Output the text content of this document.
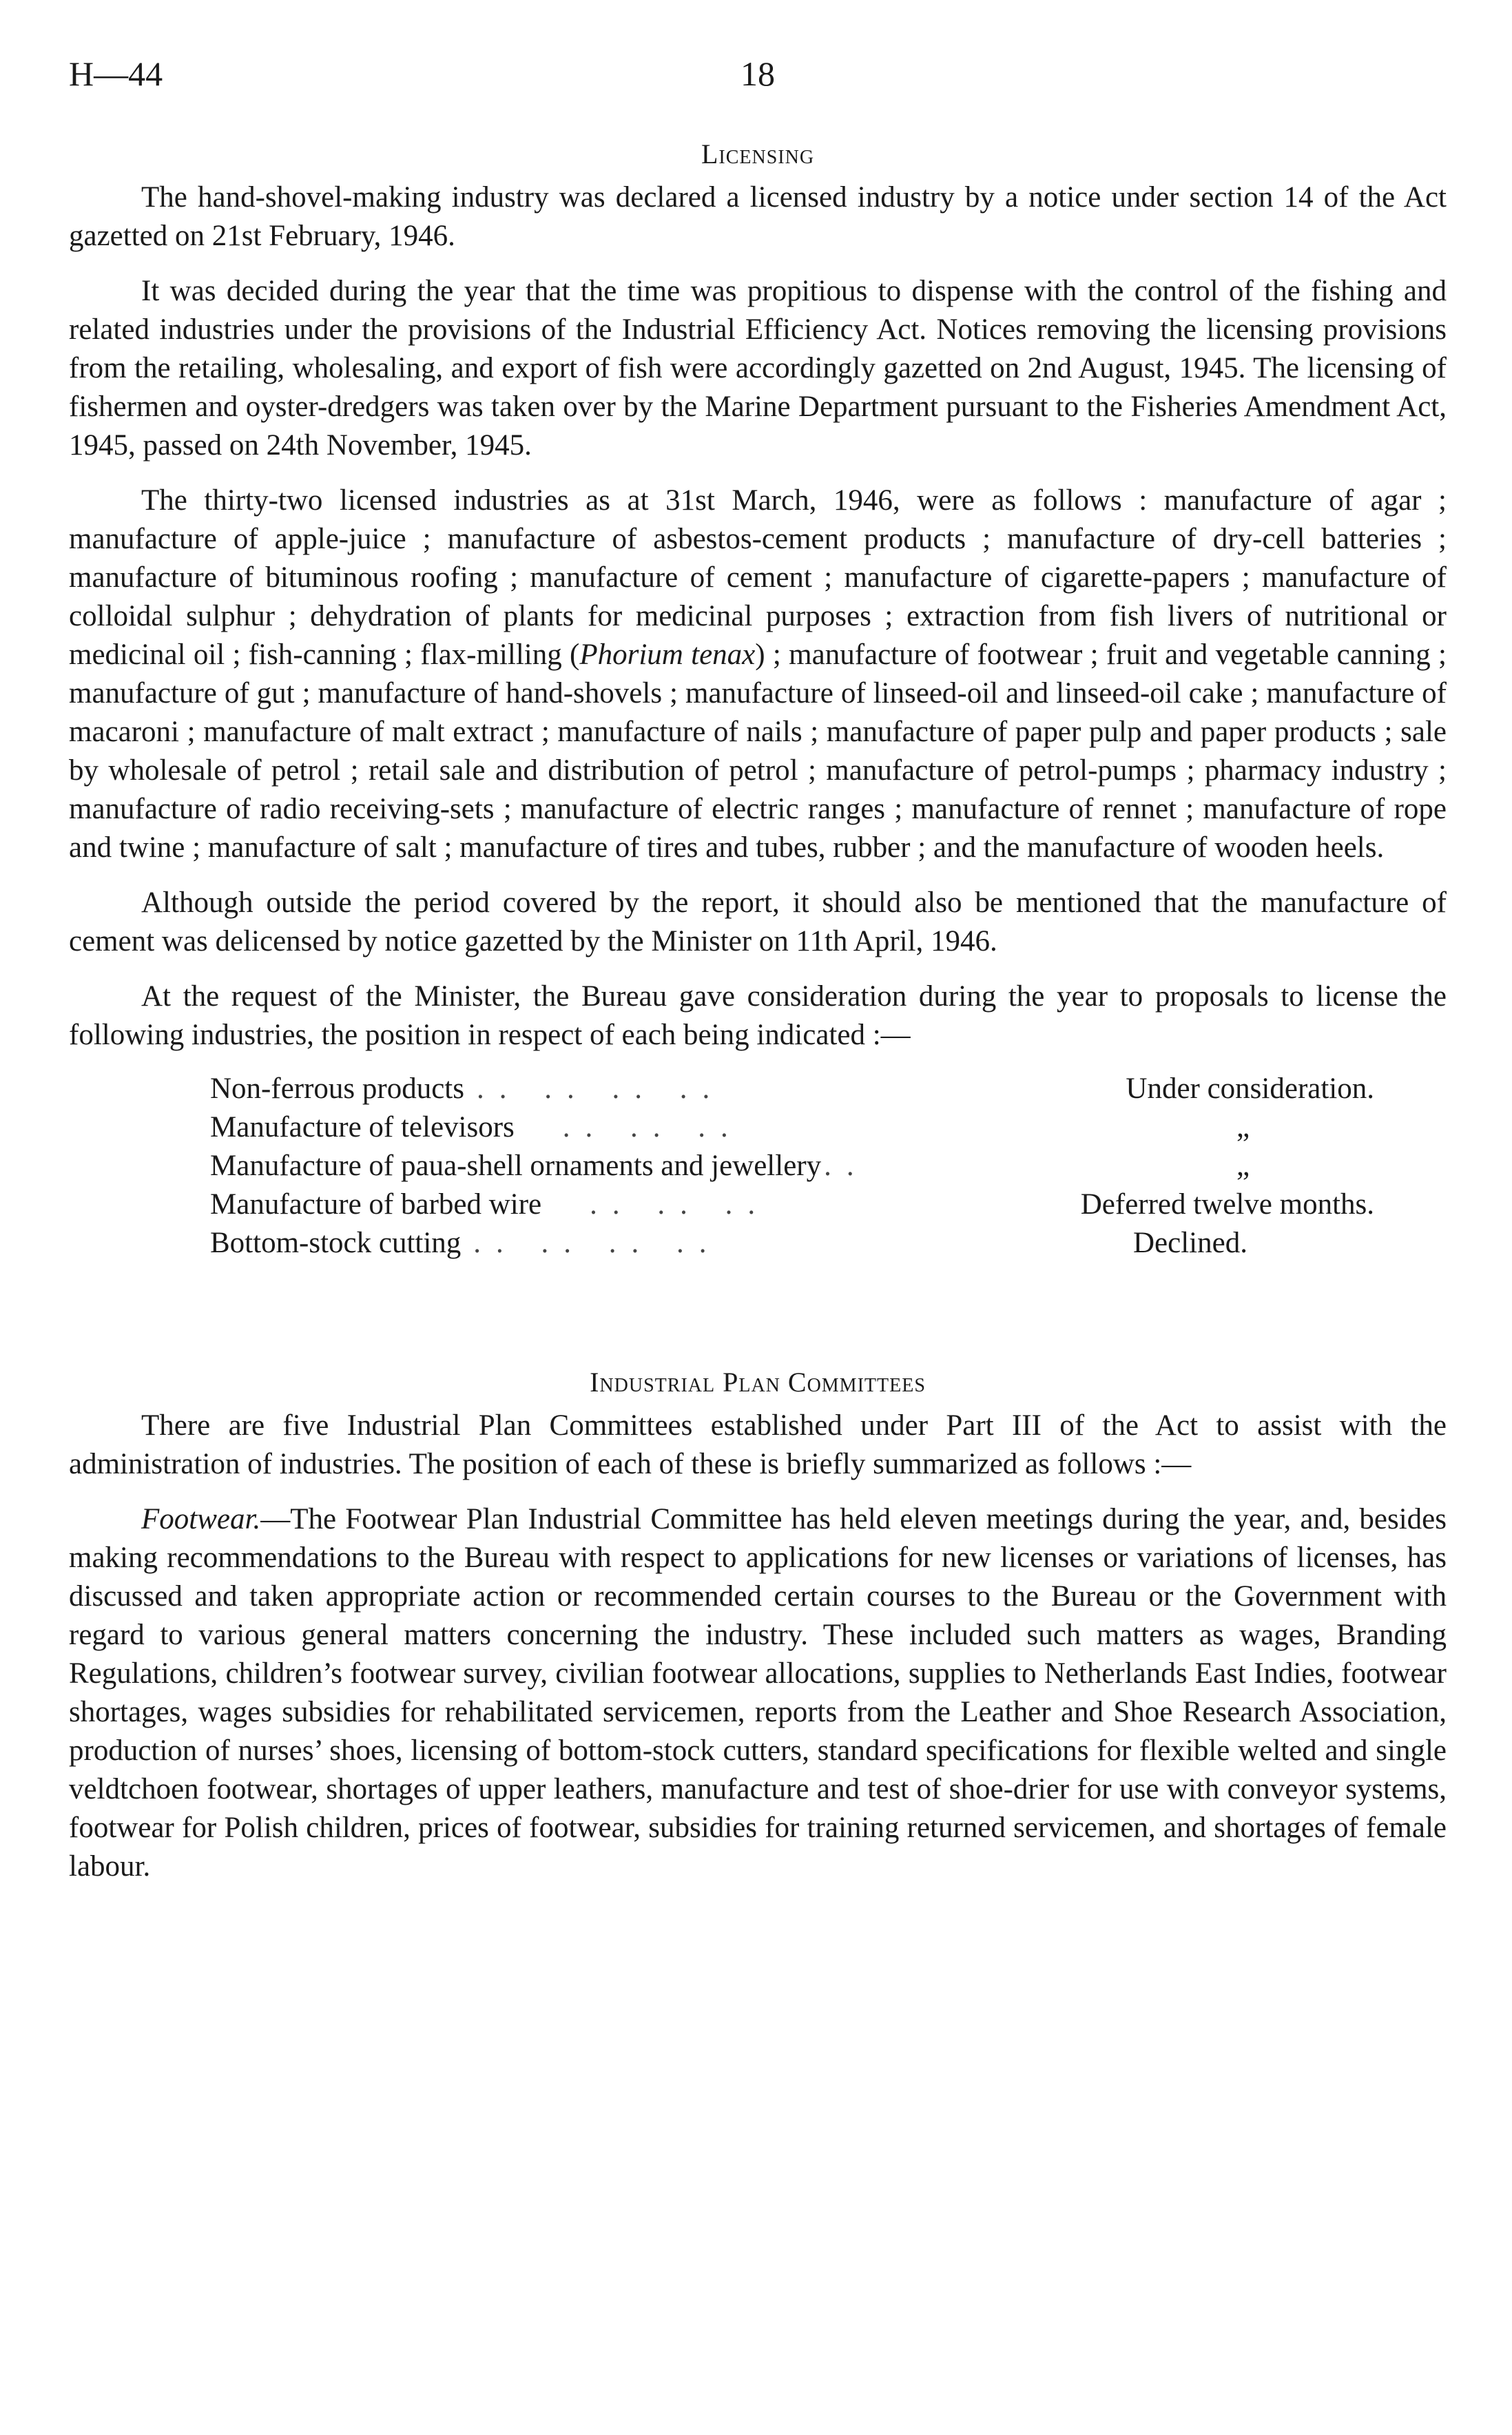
H—44	18
Licensing

The hand-shovel-making industry was declared a licensed industry by a notice under section 14 of the Act gazetted on 21st February, 1946.

It was decided during the year that the time was propitious to dispense with the control of the fishing and related industries under the provisions of the Industrial Efficiency Act. Notices removing the licensing provisions from the retailing, wholesaling, and export of fish were accordingly gazetted on 2nd August, 1945. The licensing of fishermen and oyster-dredgers was taken over by the Marine Department pursuant to the Fisheries Amendment Act, 1945, passed on 24th November, 1945.

The thirty-two licensed industries as at 31st March, 1946, were as follows : manufacture of agar ; manufacture of apple-juice ; manufacture of asbestos-cement products ; manufacture of dry-cell batteries ; manufacture of bituminous roofing ; manufacture of cement ; manufacture of cigarette-papers ; manufacture of colloidal sulphur ; dehydration of plants for medicinal purposes ; extraction from fish livers of nutritional or medicinal oil ; fish-canning ; flax-milling (Phorium tenax) ; manufacture of footwear ; fruit and vegetable canning ; manufacture of gut ; manufacture of hand-shovels ; manufacture of linseed-oil and linseed-oil cake ; manufacture of macaroni ; manufacture of malt extract ; manufacture of nails ; manufacture of paper pulp and paper products ; sale by wholesale of petrol ; retail sale and distribution of petrol ; manufacture of petrol-pumps ; pharmacy industry ; manufacture of radio receiving-sets ; manufacture of electric ranges ; manufacture of rennet ; manufacture of rope and twine ; manufacture of salt ; manufacture of tires and tubes, rubber ; and the manufacture of wooden heels.

Although outside the period covered by the report, it should also be mentioned that the manufacture of cement was delicensed by notice gazetted by the Minister on 11th April, 1946.

At the request of the Minister, the Bureau gave consideration during the year to proposals to license the following industries, the position in respect of each being indicated :—

Non-ferrous products .. .. .. ..	Under consideration.
Manufacture of televisors .. .. ..	„
Manufacture of paua-shell ornaments and jewellery..	„
Manufacture of barbed wire .. .. ..	Deferred twelve months.
Bottom-stock cutting .. .. .. ..	Declined.
Industrial Plan Committees

There are five Industrial Plan Committees established under Part III of the Act to assist with the administration of industries. The position of each of these is briefly summarized as follows :—

Footwear.—The Footwear Plan Industrial Committee has held eleven meetings during the year, and, besides making recommendations to the Bureau with respect to applications for new licenses or variations of licenses, has discussed and taken appropriate action or recommended certain courses to the Bureau or the Government with regard to various general matters concerning the industry. These included such matters as wages, Branding Regulations, children’s footwear survey, civilian footwear allocations, supplies to Netherlands East Indies, footwear shortages, wages subsidies for rehabilitated servicemen, reports from the Leather and Shoe Research Association, production of nurses’ shoes, licensing of bottom-stock cutters, standard specifications for flexible welted and single veldtchoen footwear, shortages of upper leathers, manufacture and test of shoe-drier for use with conveyor systems, footwear for Polish children, prices of footwear, subsidies for training returned servicemen, and shortages of female labour.
